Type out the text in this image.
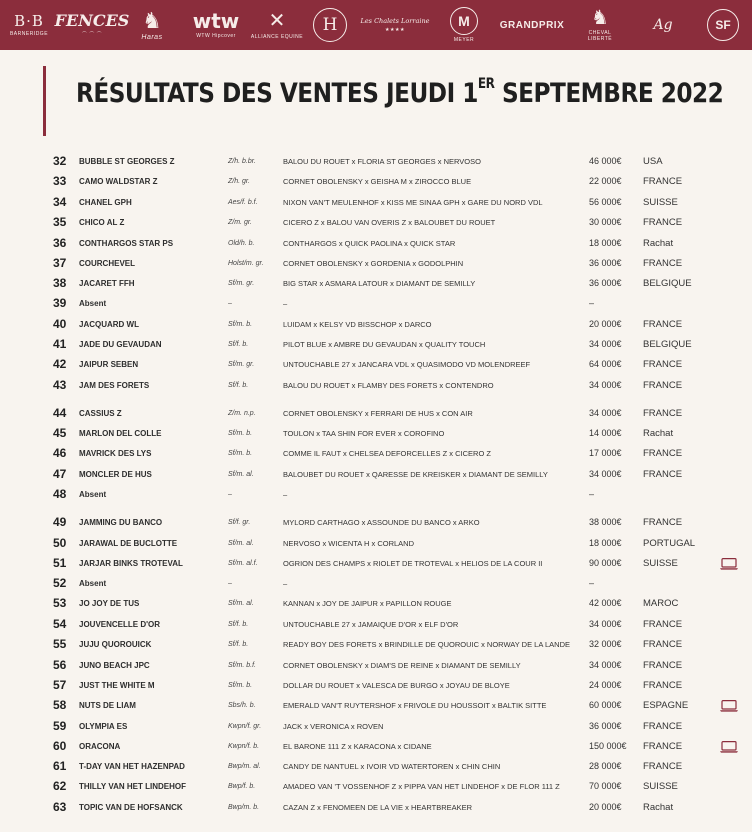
B·B
BARNERIDGE
FENCES
⌒ ⌒ ⌒
♞
Haras
wtw
WTW Hipcover
✕
ALLIANCE EQUINE
H	Les Chalets Lorraine
★★★★
M
MEYER
GRANDPRIX ♞
CHEVAL LIBERTÉ
Ag	SF
RÉSULTATS DES VENTES JEUDI 1ER SEPTEMBRE 2022
32	BUBBLE ST GEORGES Z	Z/h. b.br.	BALOU DU ROUET x FLORIA ST GEORGES x NERVOSO	46 000€ USA
33	CAMO WALDSTAR Z	Z/h. gr.	CORNET OBOLENSKY x GEISHA M x ZIROCCO BLUE	22 000€ FRANCE
34	CHANEL GPH	Aes/f. b.f.	NIXON VAN'T MEULENHOF x KISS ME SINAA GPH x GARE DU NORD VDL	56 000€ SUISSE
35	CHICO AL Z	Z/m. gr.	CICERO Z x BALOU VAN OVERIS Z x BALOUBET DU ROUET	30 000€ FRANCE
36	CONTHARGOS STAR PS	Old/h. b.	CONTHARGOS x QUICK PAOLINA x QUICK STAR	18 000€ Rachat
37	COURCHEVEL	Holst/m. gr.	CORNET OBOLENSKY x GORDENIA x GODOLPHIN	36 000€ FRANCE
38	JACARET FFH	Sf/m. gr.	BIG STAR x ASMARA LATOUR x DIAMANT DE SEMILLY	36 000€ BELGIQUE
39	Absent	–	–	–
40	JACQUARD WL	Sf/m. b.	LUIDAM x KELSY VD BISSCHOP x DARCO	20 000€ FRANCE
41	JADE DU GEVAUDAN	Sf/f. b.	PILOT BLUE x AMBRE DU GEVAUDAN x QUALITY TOUCH	34 000€ BELGIQUE
42	JAIPUR SEBEN	Sf/m. gr.	UNTOUCHABLE 27 x JANCARA VDL x QUASIMODO VD MOLENDREEF	64 000€ FRANCE
43	JAM DES FORETS	Sf/f. b.	BALOU DU ROUET x FLAMBY DES FORETS x CONTENDRO	34 000€ FRANCE
44	CASSIUS Z	Z/m. n.p.	CORNET OBOLENSKY x FERRARI DE HUS x CON AIR	34 000€ FRANCE
45	MARLON DEL COLLE	Sf/m. b.	TOULON x TAA SHIN FOR EVER x COROFINO	14 000€ Rachat
46	MAVRICK DES LYS	Sf/m. b.	COMME IL FAUT x CHELSEA DEFORCELLES Z x CICERO Z	17 000€ FRANCE
47	MONCLER DE HUS	Sf/m. al.	BALOUBET DU ROUET x QARESSE DE KREISKER x DIAMANT DE SEMILLY	34 000€ FRANCE
48	Absent	–	–	–
49	JAMMING DU BANCO	Sf/f. gr.	MYLORD CARTHAGO x ASSOUNDE DU BANCO x ARKO	38 000€ FRANCE
50	JARAWAL DE BUCLOTTE	Sf/m. al.	NERVOSO x WICENTA H x CORLAND	18 000€ PORTUGAL
51	JARJAR BINKS TROTEVAL	Sf/m. al.f.	OGRION DES CHAMPS x RIOLET DE TROTEVAL x HELIOS DE LA COUR II	90 000€ SUISSE
52	Absent	–	–	–
53	JO JOY DE TUS	Sf/m. al.	KANNAN x JOY DE JAIPUR x PAPILLON ROUGE	42 000€ MAROC
54	JOUVENCELLE D'OR	Sf/f. b.	UNTOUCHABLE 27 x JAMAIQUE D'OR x ELF D'OR	34 000€ FRANCE
55	JUJU QUOROUICK	Sf/f. b.	READY BOY DES FORETS x BRINDILLE DE QUOROUIC x NORWAY DE LA LANDE 32 000€ FRANCE
56	JUNO BEACH JPC	Sf/m. b.f.	CORNET OBOLENSKY x DIAM'S DE REINE x DIAMANT DE SEMILLY	34 000€ FRANCE
57	JUST THE WHITE M	Sf/m. b.	DOLLAR DU ROUET x VALESCA DE BURGO x JOYAU DE BLOYE	24 000€ FRANCE
58	NUTS DE LIAM	Sbs/h. b.	EMERALD VAN'T RUYTERSHOF x FRIVOLE DU HOUSSOIT x BALTIK SITTE	60 000€ ESPAGNE
59	OLYMPIA ES	Kwpn/f. gr.	JACK x VERONICA x ROVEN	36 000€ FRANCE
60	ORACONA	Kwpn/f. b.	EL BARONE 111 Z x KARACONA x CIDANE	150 000€ FRANCE
61	T-DAY VAN HET HAZENPAD	Bwp/m. al.	CANDY DE NANTUEL x IVOIR VD WATERTOREN x CHIN CHIN	28 000€ FRANCE
62	THILLY VAN HET LINDEHOF	Bwp/f. b.	AMADEO VAN 'T VOSSENHOF Z x PIPPA VAN HET LINDEHOF x DE FLOR 111 Z	70 000€ SUISSE
63	TOPIC VAN DE HOFSANCK	Bwp/m. b.	CAZAN Z x FENOMEEN DE LA VIE x HEARTBREAKER	20 000€ Rachat
